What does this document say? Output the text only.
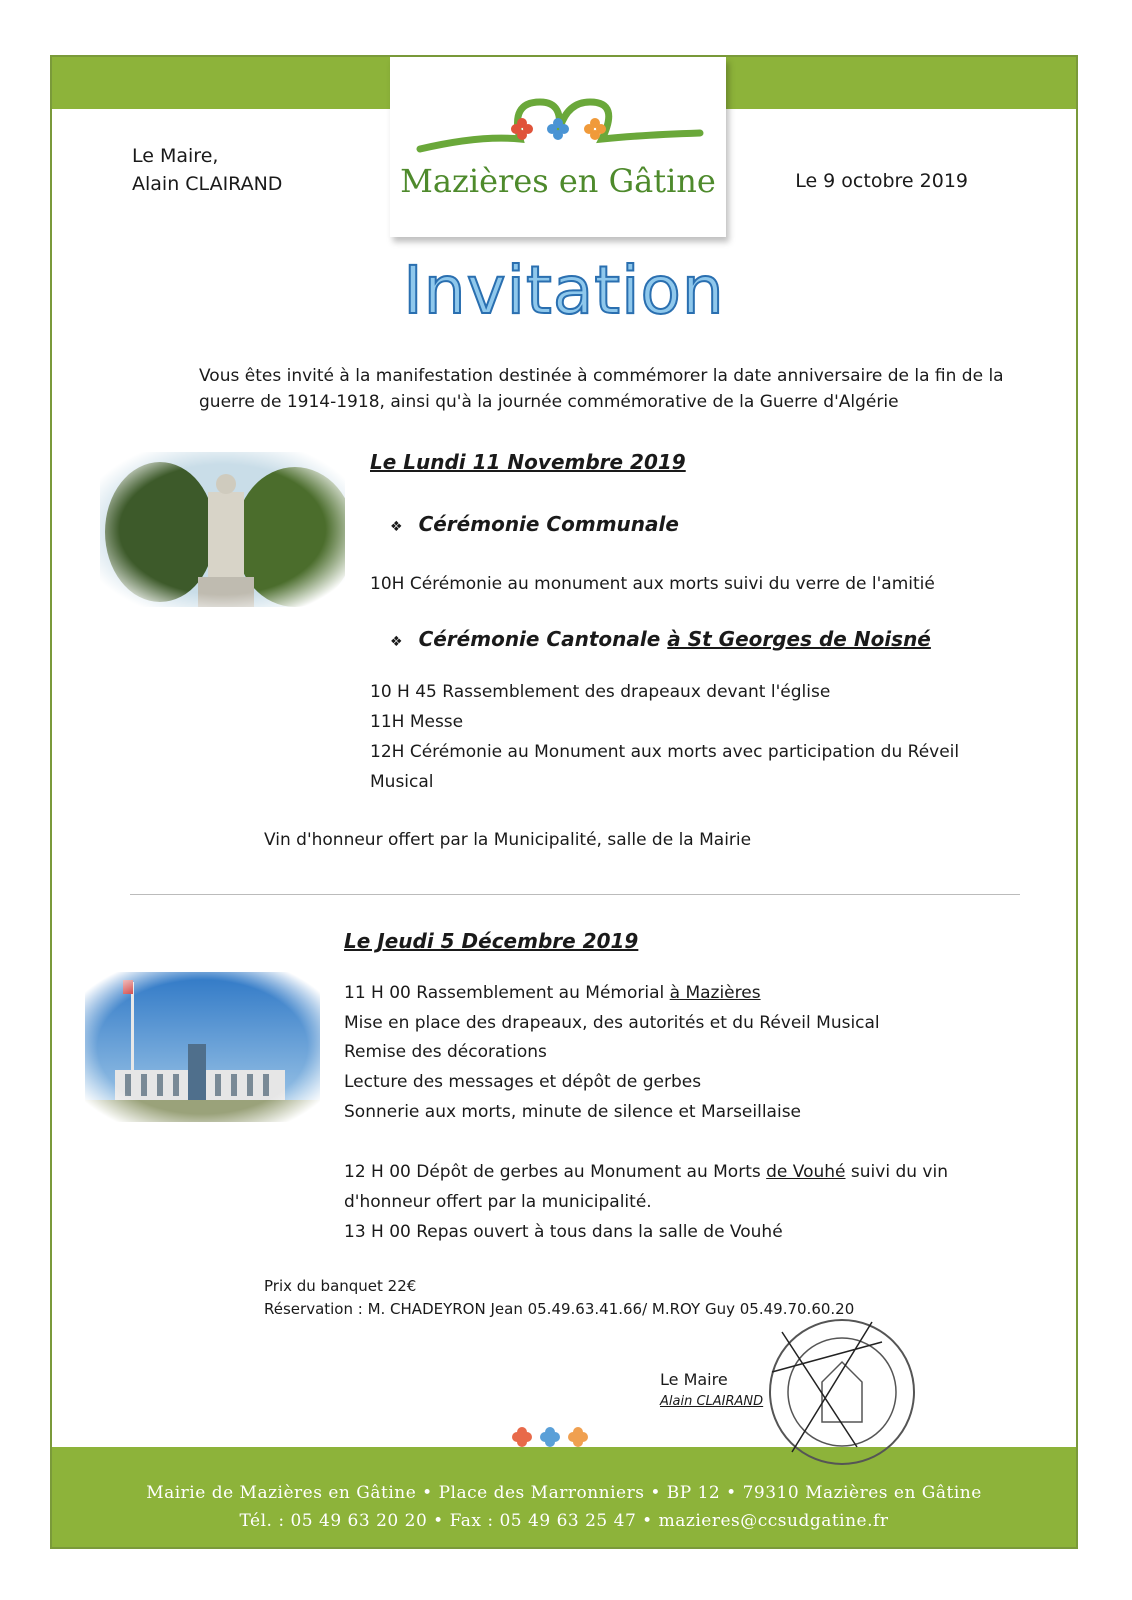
Mairie de Mazières en Gâtine • Place des Marronniers • BP 12 • 79310 Mazières en Gâtine
Tél. : 05 49 63 20 20 • Fax : 05 49 63 25 47 • mazieres@ccsudgatine.fr
Mazières en Gâtine
Le Maire,
Alain CLAIRAND	Le 9 octobre 2019
Invitation
Vous êtes invité à la manifestation destinée à commémorer la date anniversaire de la fin de la guerre de 1914-1918, ainsi qu'à la journée commémorative de la Guerre d'Algérie
Le Lundi 11 Novembre 2019
❖ Cérémonie Communale
10H Cérémonie au monument aux morts suivi du verre de l'amitié
❖ Cérémonie Cantonale à St Georges de Noisné
10 H 45 Rassemblement des drapeaux devant l'église
11H Messe
12H Cérémonie au Monument aux morts avec participation du Réveil
Musical
Vin d'honneur offert par la Municipalité, salle de la Mairie
Le Jeudi 5 Décembre 2019
11 H 00 Rassemblement au Mémorial à Mazières
Mise en place des drapeaux, des autorités et du Réveil Musical
Remise des décorations
Lecture des messages et dépôt de gerbes
Sonnerie aux morts, minute de silence et Marseillaise
12 H 00 Dépôt de gerbes au Monument au Morts de Vouhé suivi du vin
d'honneur offert par la municipalité.
13 H 00 Repas ouvert à tous dans la salle de Vouhé
Prix du banquet 22€
Réservation : M. CHADEYRON Jean 05.49.63.41.66/ M.ROY Guy 05.49.70.60.20
Le Maire
Alain CLAIRAND
